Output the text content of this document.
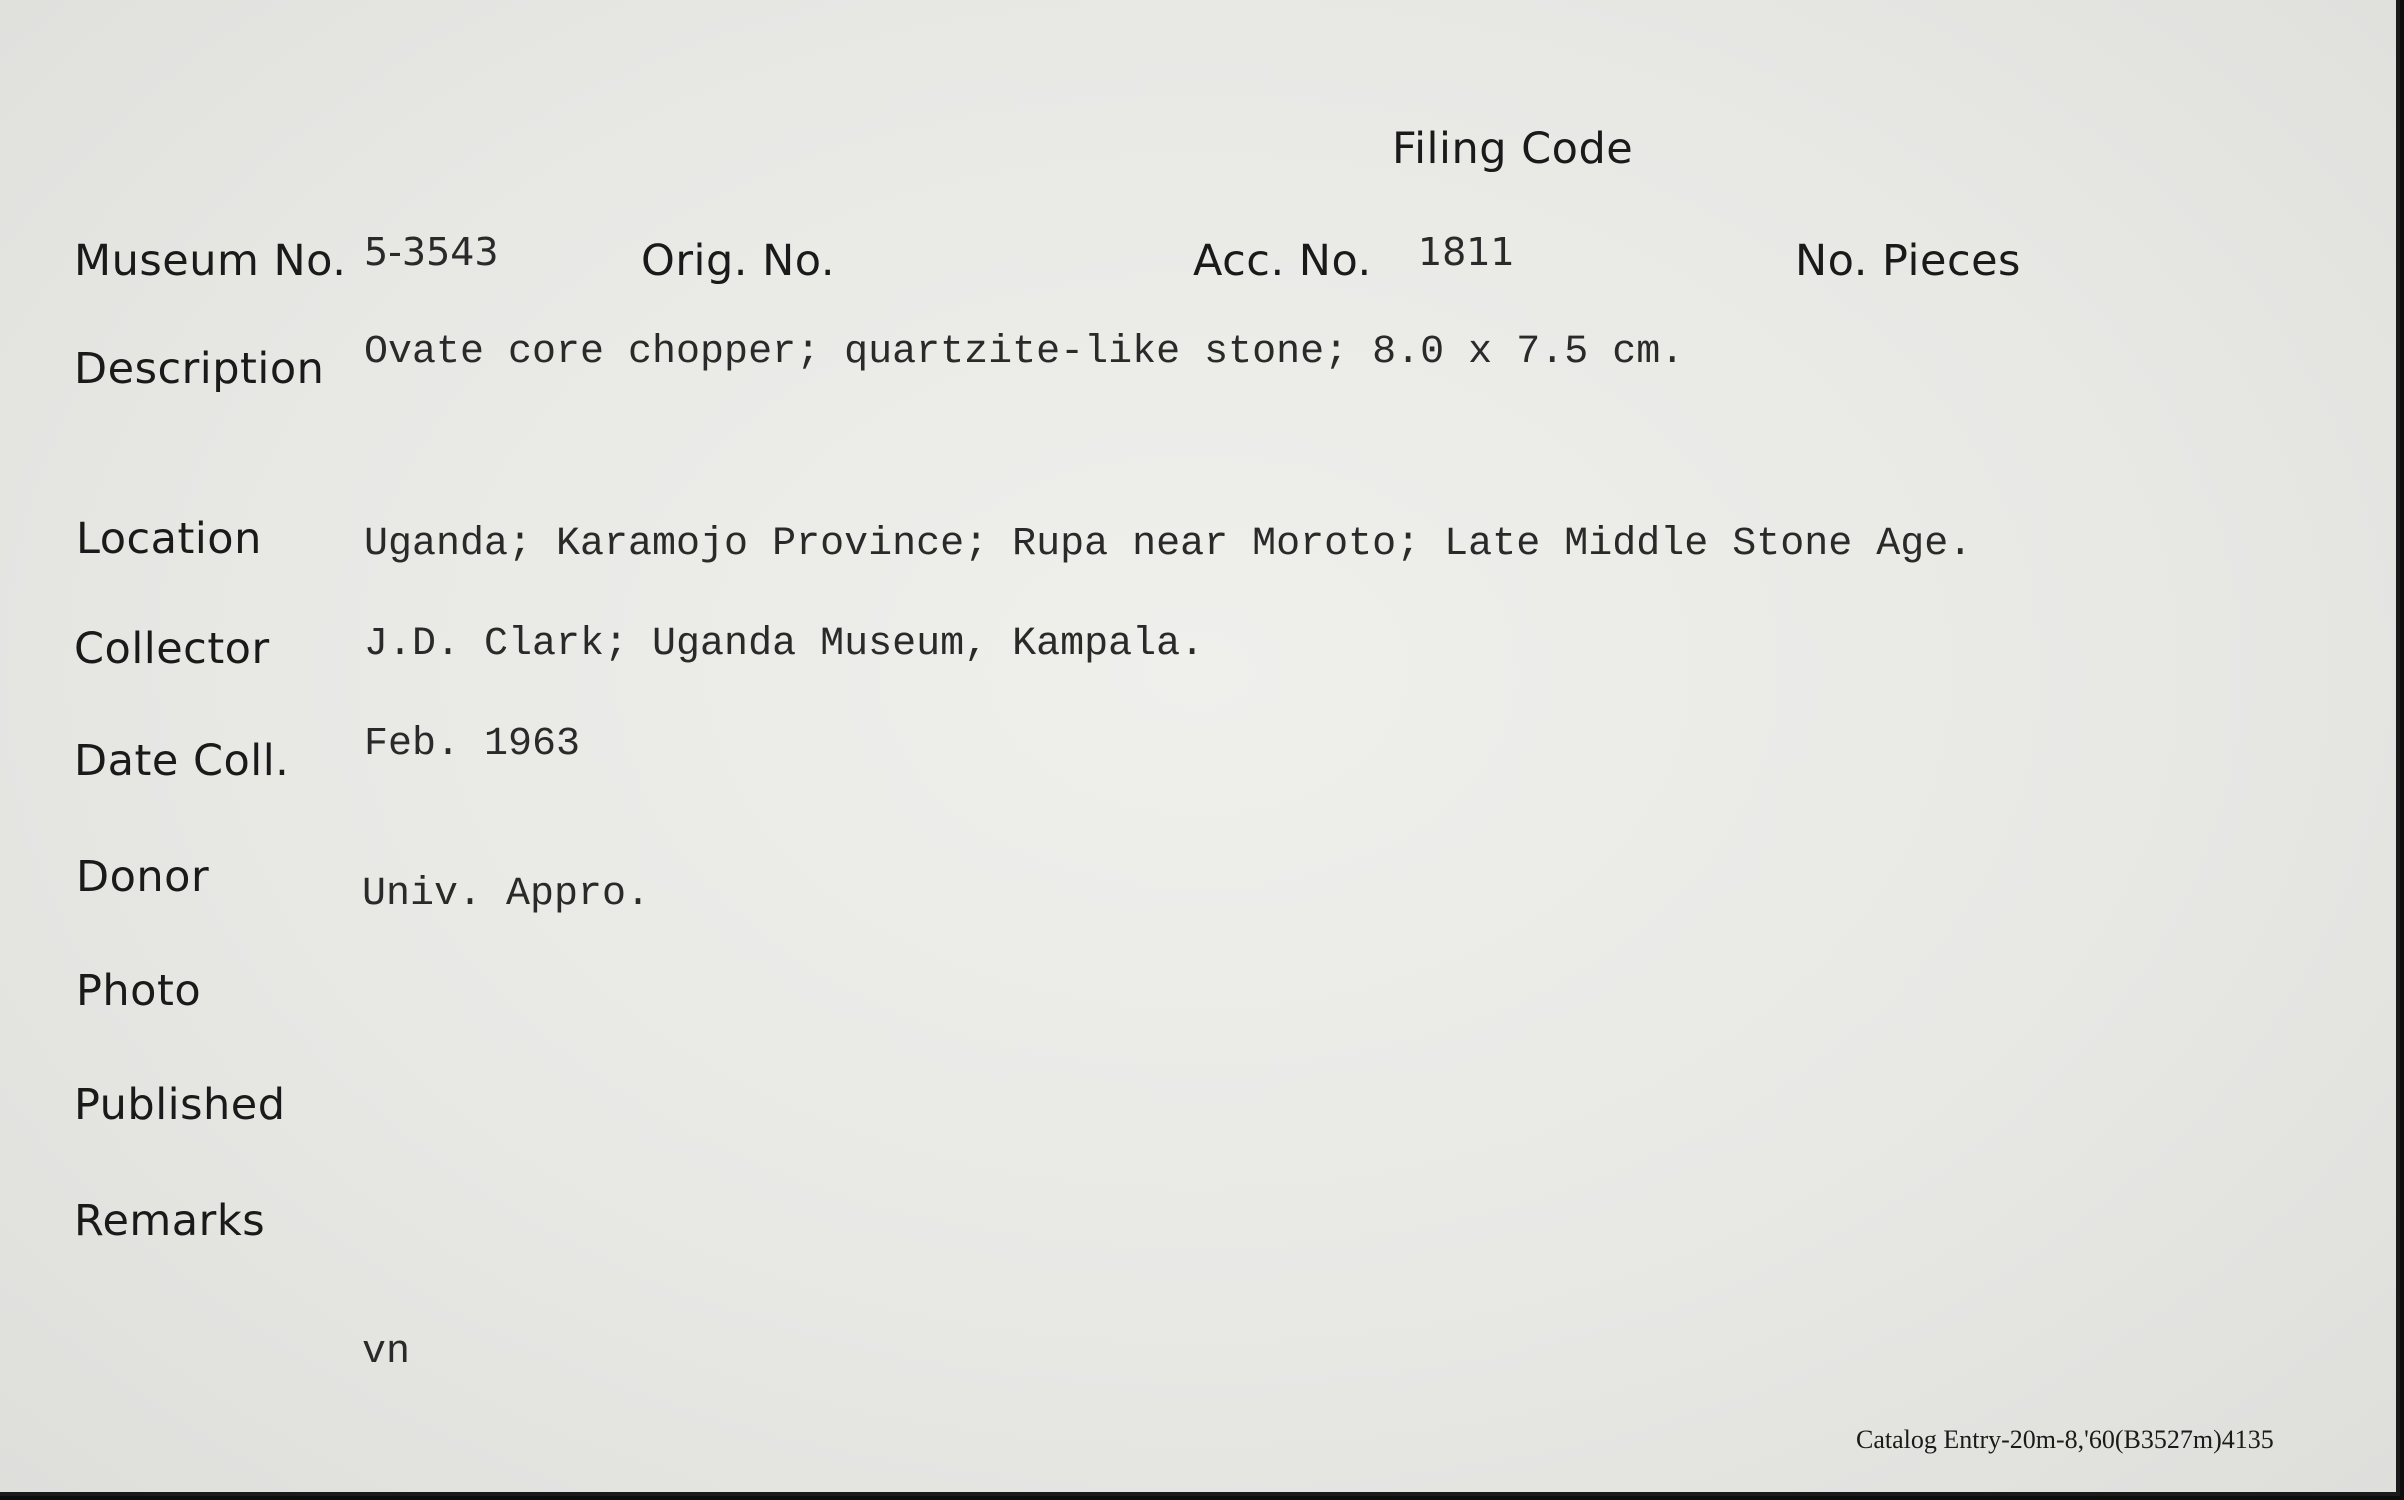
Filing Code
Museum No. 5-3543	Orig. No.	Acc. No. 1811	No. Pieces
Description Ovate core chopper; quartzite-like stone; 8.0 x 7.5 cm.
Location	Uganda; Karamojo Province; Rupa near Moroto; Late Middle Stone Age.
Collector J.D. Clark; Uganda Museum, Kampala.
Date Coll. Feb. 1963
Donor	Univ. Appro.
Photo
Published
Remarks
vn
Catalog Entry-20m-8,'60(B3527m)4135
